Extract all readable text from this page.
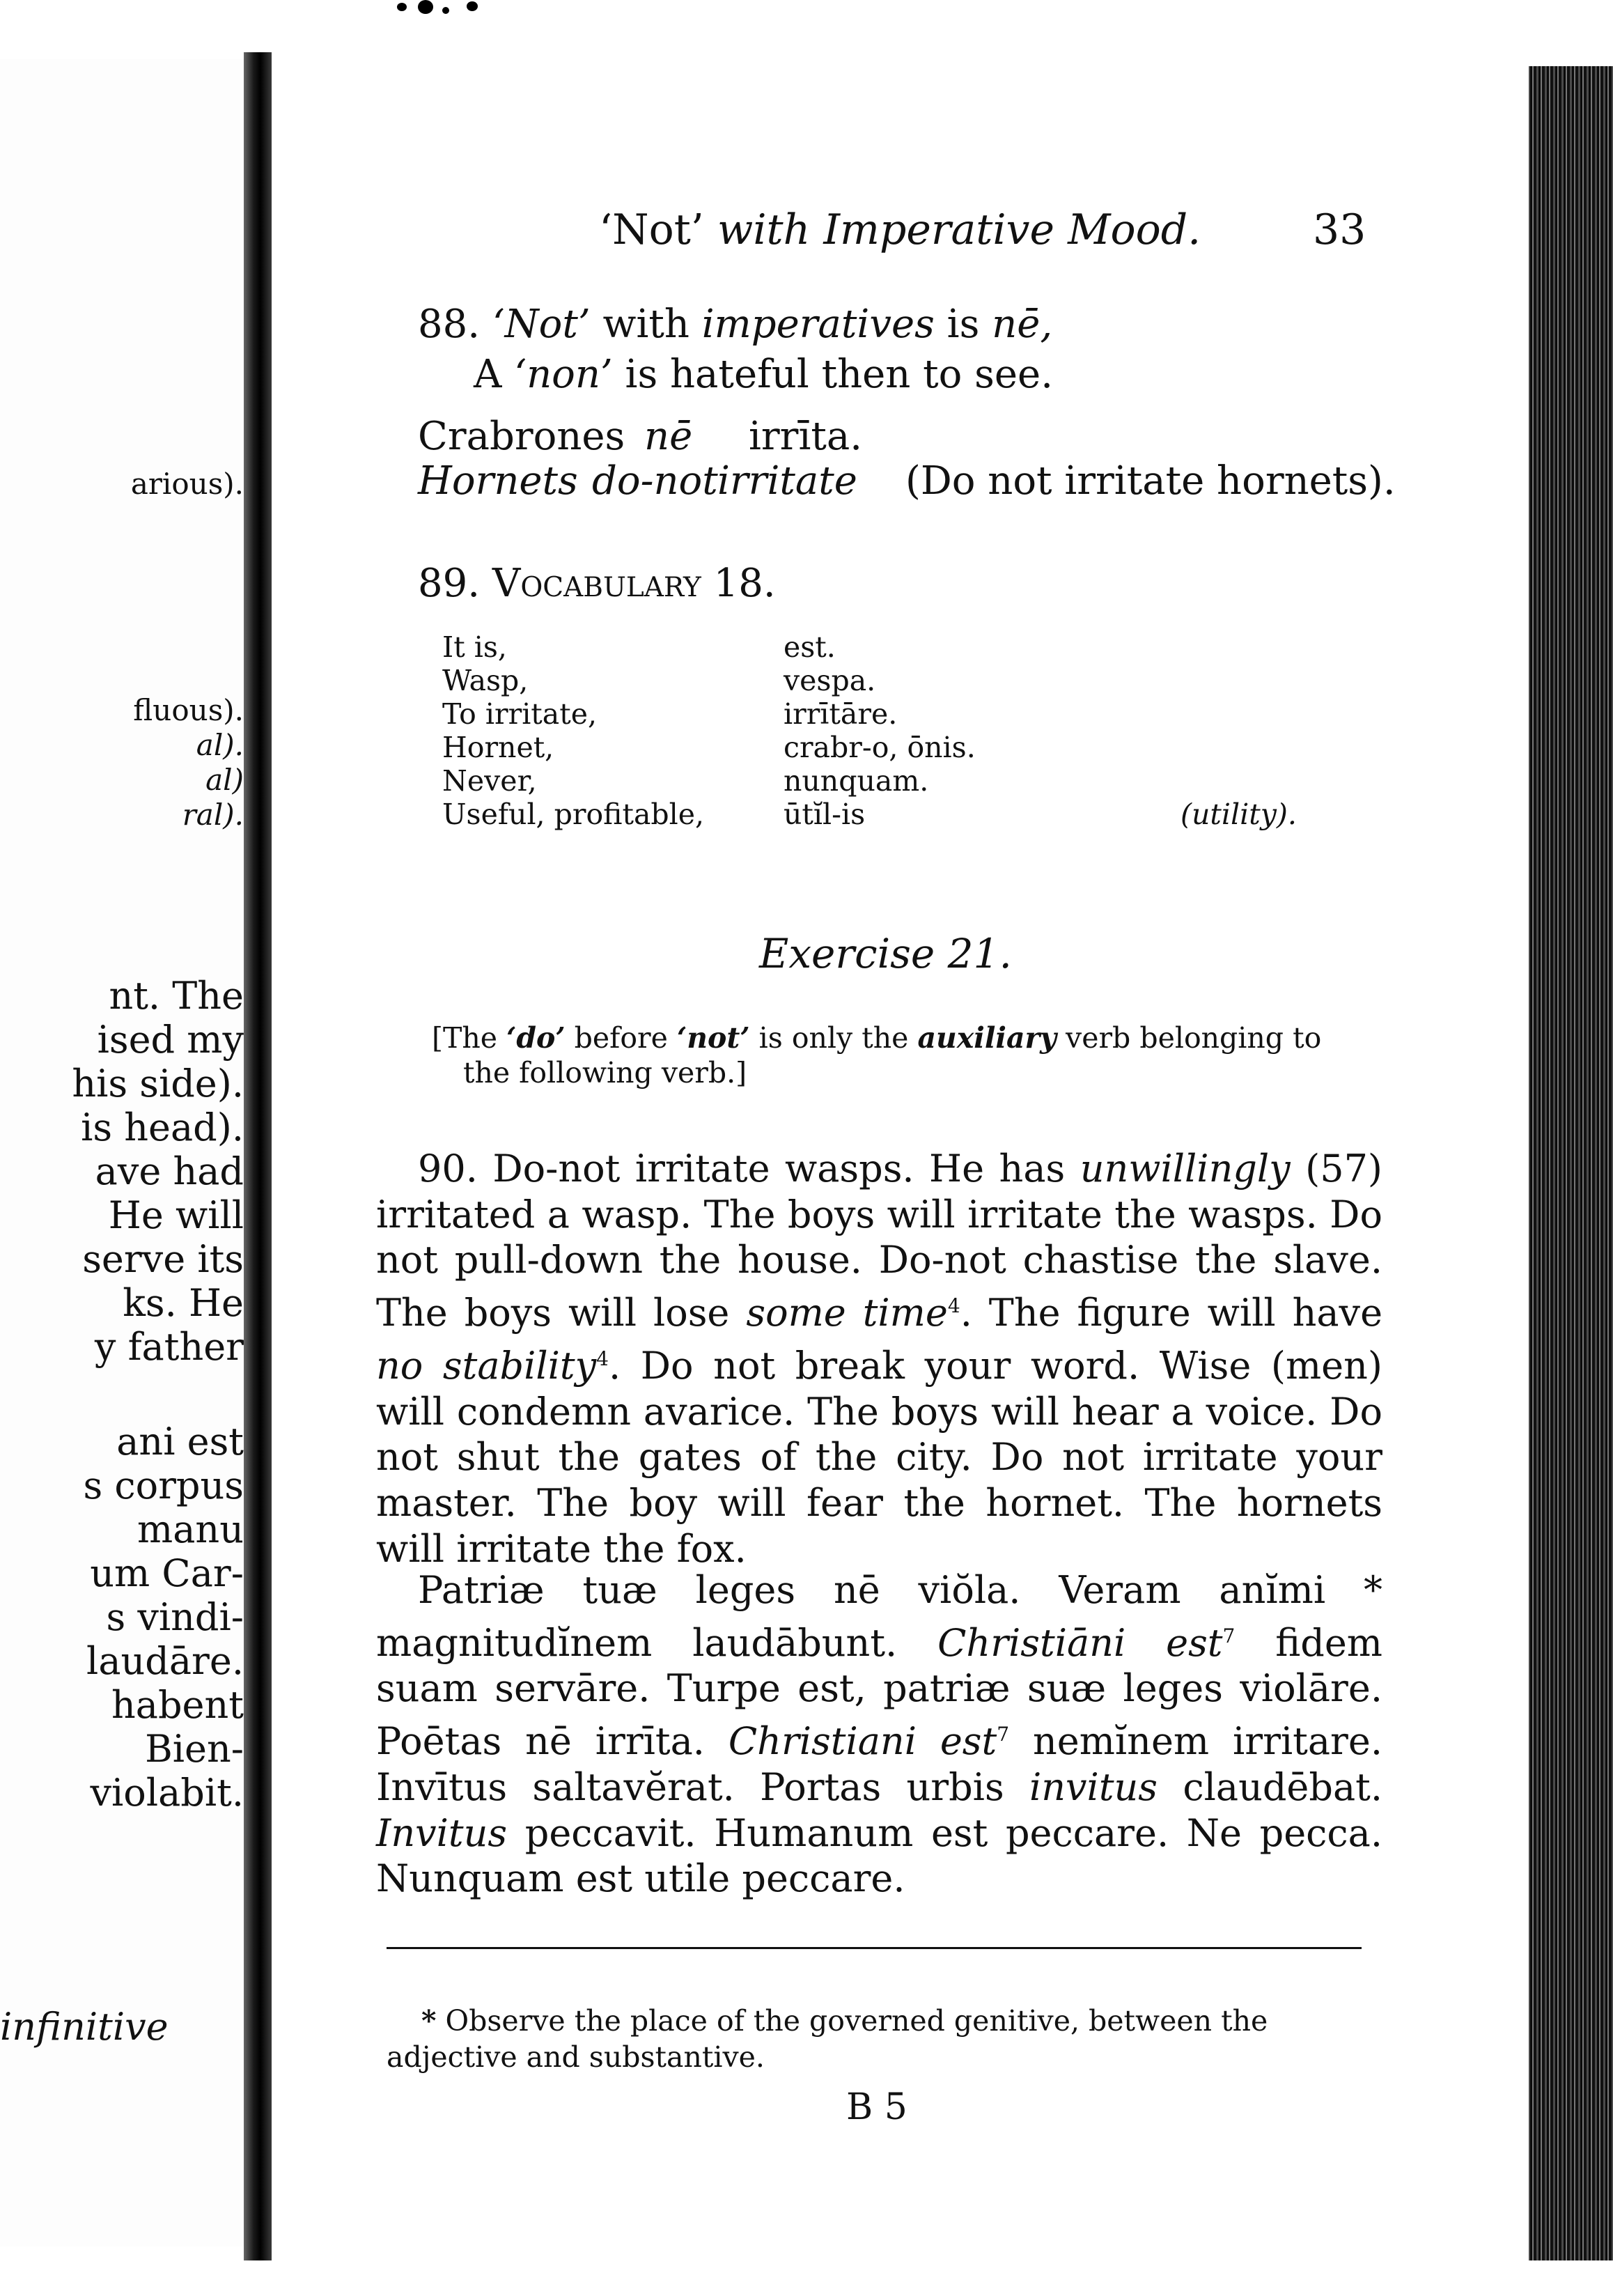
arious).
fluous).
al).
al)
ral).
nt. The
ised my
his side).
is head).
ave had
He will
serve its
ks. He
y father
ani est
s corpus
manu
um Car-
s vindi-
laudāre.
habent
Bien-
violabit.
infinitive
‘Not’ with Imperative Mood.	33
88. ‘Not’ with imperatives is nē,
A ‘non’ is hateful then to see.
Crabrones nē irrīta.
Hornets do-notirritate (Do not irritate hornets).
89. Vocabulary 18.
It is,	est.
Wasp,	vespa.
To irritate,	irrītāre.
Hornet,	crabr-o, ōnis.
Never,	nunquam.
Useful, profitable,	ūtĭl-is	(utility).
Exercise 21.
[The ‘do’ before ‘not’ is only the auxiliary verb belonging to
the following verb.]
90. Do-not irritate wasps. He has unwillingly (57) irritated a wasp. The boys will irritate the wasps. Do not pull-down the house. Do-not chastise the slave. The boys will lose some time$^4$. The figure will have no stability$^4$. Do not break your word. Wise (men) will condemn avarice. The boys will hear a voice. Do not shut the gates of the city. Do not irritate your master. The boy will fear the hornet. The hornets will irritate the fox.
Patriæ tuæ leges nē viŏla. Veram anĭmi * magnitudĭnem laudābunt. Christiāni est$^7$ fidem suam servāre. Turpe est, patriæ suæ leges violāre. Poētas nē irrīta. Christiani est$^7$ nemĭnem irritare. Invītus saltavĕrat. Portas urbis invitus claudēbat. Invitus peccavit. Humanum est peccare. Ne pecca. Nunquam est utile peccare.
* Observe the place of the governed genitive, between the adjective and substantive.
B 5
